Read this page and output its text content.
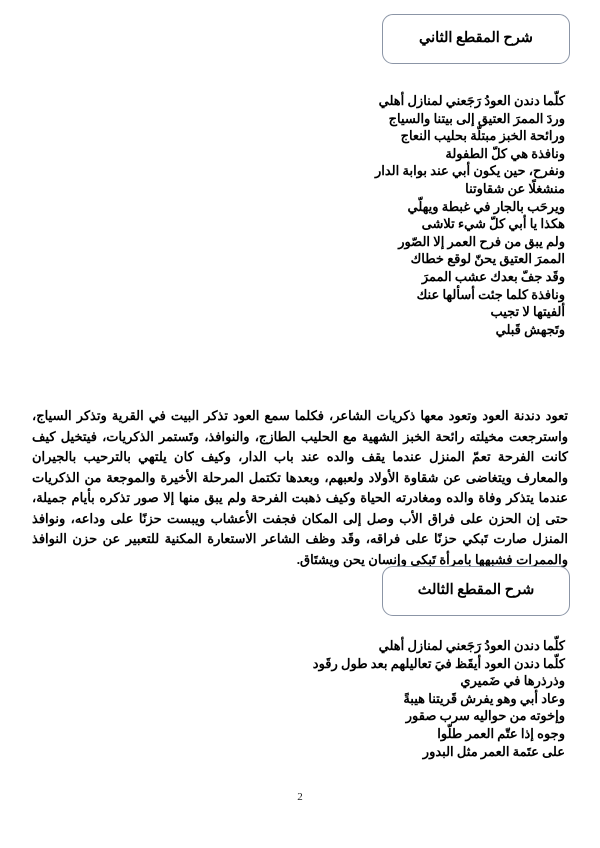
شرح المقطع الثاني
كلّما دندن العودُ رَجَعني لمنازل أهلي
وردَ الممرَ العتيق إلى بيتنا والسياج
ورائحة الخبز مبتلّة بحليب النعاج
ونافذة هي كلّ الطفولة
ونفرح، حين يكون أبي عند بوابة الدار
منشغلًا عن شقاوتنا
ويرحَب بالجار في غبطة ويهلّي
هكذا يا أبي كلّ شيء تلاشى
ولم يبق من فرح العمر إلا الصّور
الممرَ العتيق يحنّ لوقع خطاك
وقَد جفّ بعدك عشب الممرَ
ونافذة كلما جئت أسألها عنك
ألفيتها لا تجيب
وتَجهش قَبلي

تعود دندنة العود وتعود معها ذكريات الشاعر، فكلما سمع العود تذكر البيت في القرية وتذكر السياج، واسترجعت مخيلته رائحة الخبز الشهية مع الحليب الطازج، والنوافذ، وتَستمر الذكريات، فيتخيل كيف كانت الفرحة تعمّ المنزل عندما يقف والده عند باب الدار، وكيف كان يلتهي بالترحيب بالجيران والمعارف ويتغاضى عن شقاوة الأولاد ولعبهم، وبعدها تكتمل المرحلة الأخيرة والموجعة من الذكريات عندما يتذكر وفاة والده ومغادرته الحياة وكيف ذهبت الفرحة ولم يبق منها إلا صور تذكره بأيام جميلة، حتى إن الحزن على فراق الأب وصل إلى المكان فجفت الأعشاب ويبست حزنًا على وداعه، ونوافذ المنزل صارت تَبكي حزنًا على فراقه، وقَد وظف الشاعر الاستعارة المكنية للتعبير عن حزن النوافذ والممرات فشبهها بامرأة تَبكي وإنسان يحن ويشتَاق.

شرح المقطع الثالث
كلّما دندن العودُ رَجَعني لمنازل أهلي
كلّما دندن العود أيقَظ فيَ تعاليلهم بعد طول رقَود
وذرذرها في ضَميري
وعاد أبي وهو يفرش قَريتنا هيبةً
وإخوته من حواليه سرب صقور
وجوه إذا عتّم العمر طلّوا
على عتَمة العمر مثل البدور
2
